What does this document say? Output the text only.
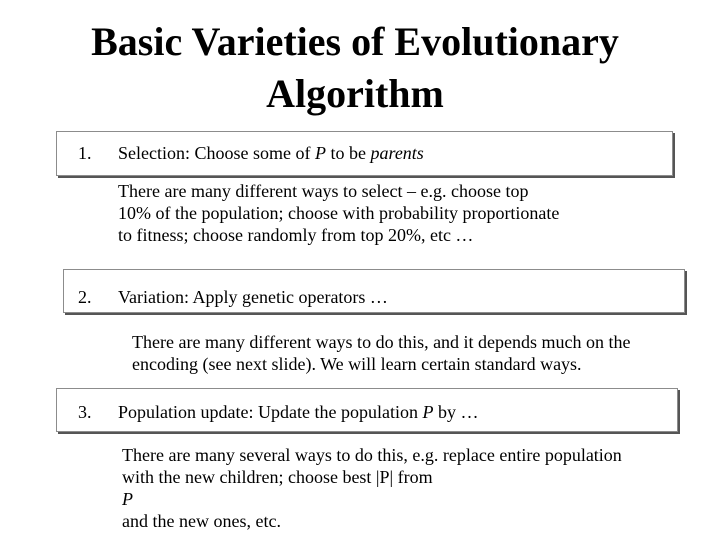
Basic Varieties of Evolutionary
Algorithm
1. Selection: Choose some of P to be parents
There are many different ways to select – e.g. choose top
10% of the population; choose with probability proportionate
to fitness; choose randomly from top 20%, etc …
2. Variation: Apply genetic operators …
There are many different ways to do this, and it depends much on the
encoding (see next slide). We will learn certain standard ways.
3. Population update: Update the population P by …
There are many several ways to do this, e.g. replace entire population
with the new children; choose best |P| from
P
and the new ones, etc.
